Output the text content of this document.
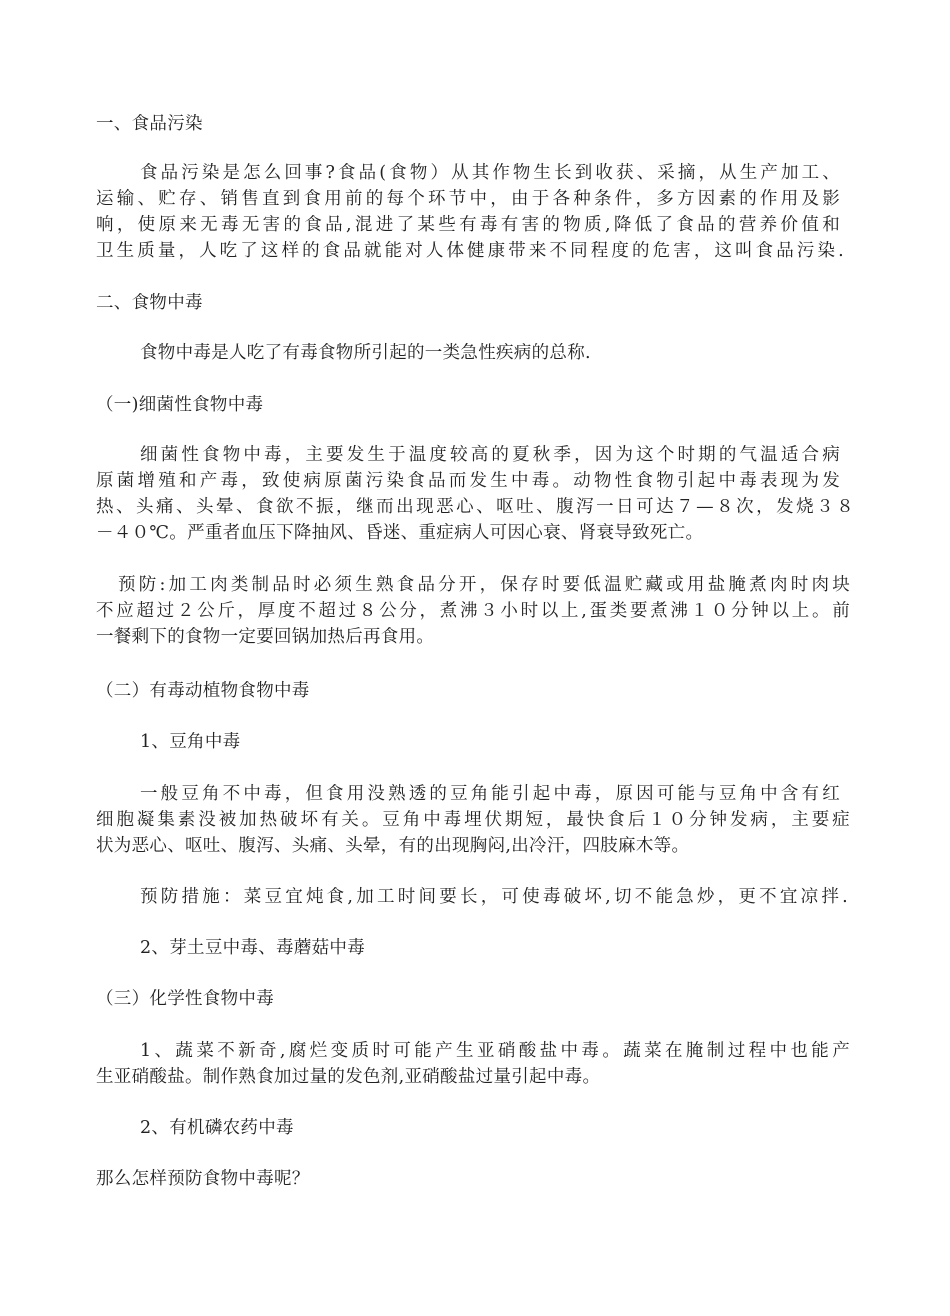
一、食品污染
食品污染是怎么回事?食品(食物）从其作物生长到收获、采摘，从生产加工、
运输、贮存、销售直到食用前的每个环节中，由于各种条件，多方因素的作用及影
响，使原来无毒无害的食品,混进了某些有毒有害的物质,降低了食品的营养价值和
卫生质量，人吃了这样的食品就能对人体健康带来不同程度的危害，这叫食品污染.
二、食物中毒
食物中毒是人吃了有毒食物所引起的一类急性疾病的总称.
（一)细菌性食物中毒
细菌性食物中毒，主要发生于温度较高的夏秋季，因为这个时期的气温适合病
原菌增殖和产毒，致使病原菌污染食品而发生中毒。动物性食物引起中毒表现为发
热、头痛、头晕、食欲不振，继而出现恶心、呕吐、腹泻一日可达７—８次，发烧３８
－４０℃。严重者血压下降抽风、昏迷、重症病人可因心衰、肾衰导致死亡。
预防:加工肉类制品时必须生熟食品分开，保存时要低温贮藏或用盐腌煮肉时肉块
不应超过２公斤，厚度不超过８公分，煮沸３小时以上,蛋类要煮沸１０分钟以上。前
一餐剩下的食物一定要回锅加热后再食用。
（二）有毒动植物食物中毒
1、豆角中毒
一般豆角不中毒，但食用没熟透的豆角能引起中毒，原因可能与豆角中含有红
细胞凝集素没被加热破坏有关。豆角中毒埋伏期短，最快食后１０分钟发病，主要症
状为恶心、呕吐、腹泻、头痛、头晕，有的出现胸闷,出冷汗，四肢麻木等。
预防措施：菜豆宜炖食,加工时间要长，可使毒破坏,切不能急炒，更不宜凉拌.
2、芽土豆中毒、毒蘑菇中毒
（三）化学性食物中毒
1、蔬菜不新奇,腐烂变质时可能产生亚硝酸盐中毒。蔬菜在腌制过程中也能产
生亚硝酸盐。制作熟食加过量的发色剂,亚硝酸盐过量引起中毒。
2、有机磷农药中毒
那么怎样预防食物中毒呢？
